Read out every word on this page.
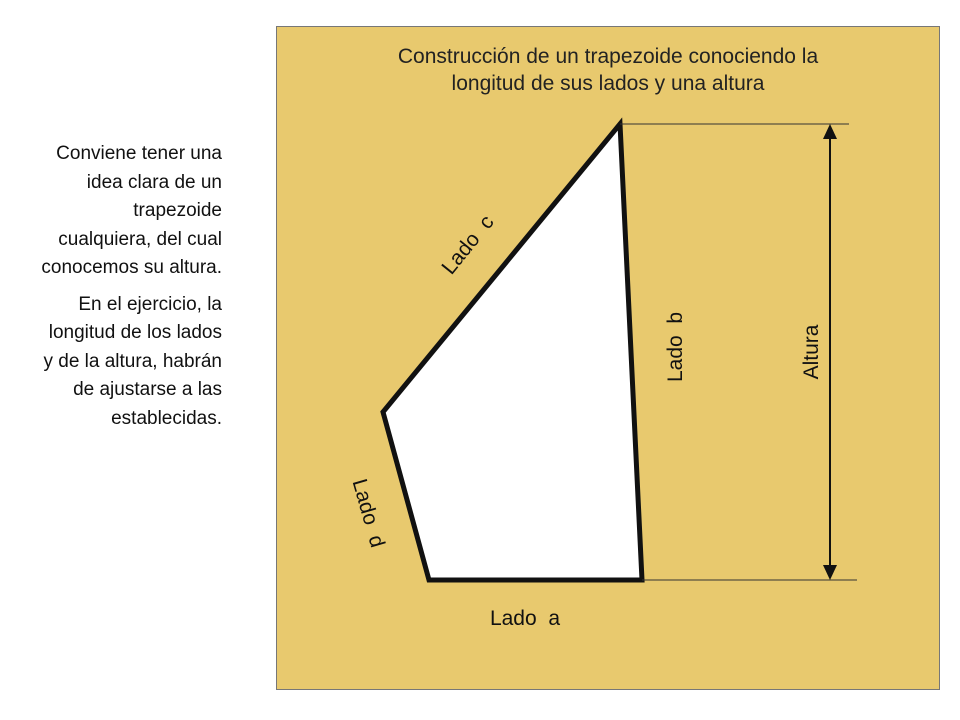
Conviene tener una idea clara de un trapezoide cualquiera, del cual conocemos su altura.

En el ejercicio, la longitud de los lados y de la altura, habrán de ajustarse a las establecidas.

Construcción de un trapezoide conociendo la
longitud de sus lados y una altura
Lado  a
Lado  b
Lado  c
Lado  d
Altura
